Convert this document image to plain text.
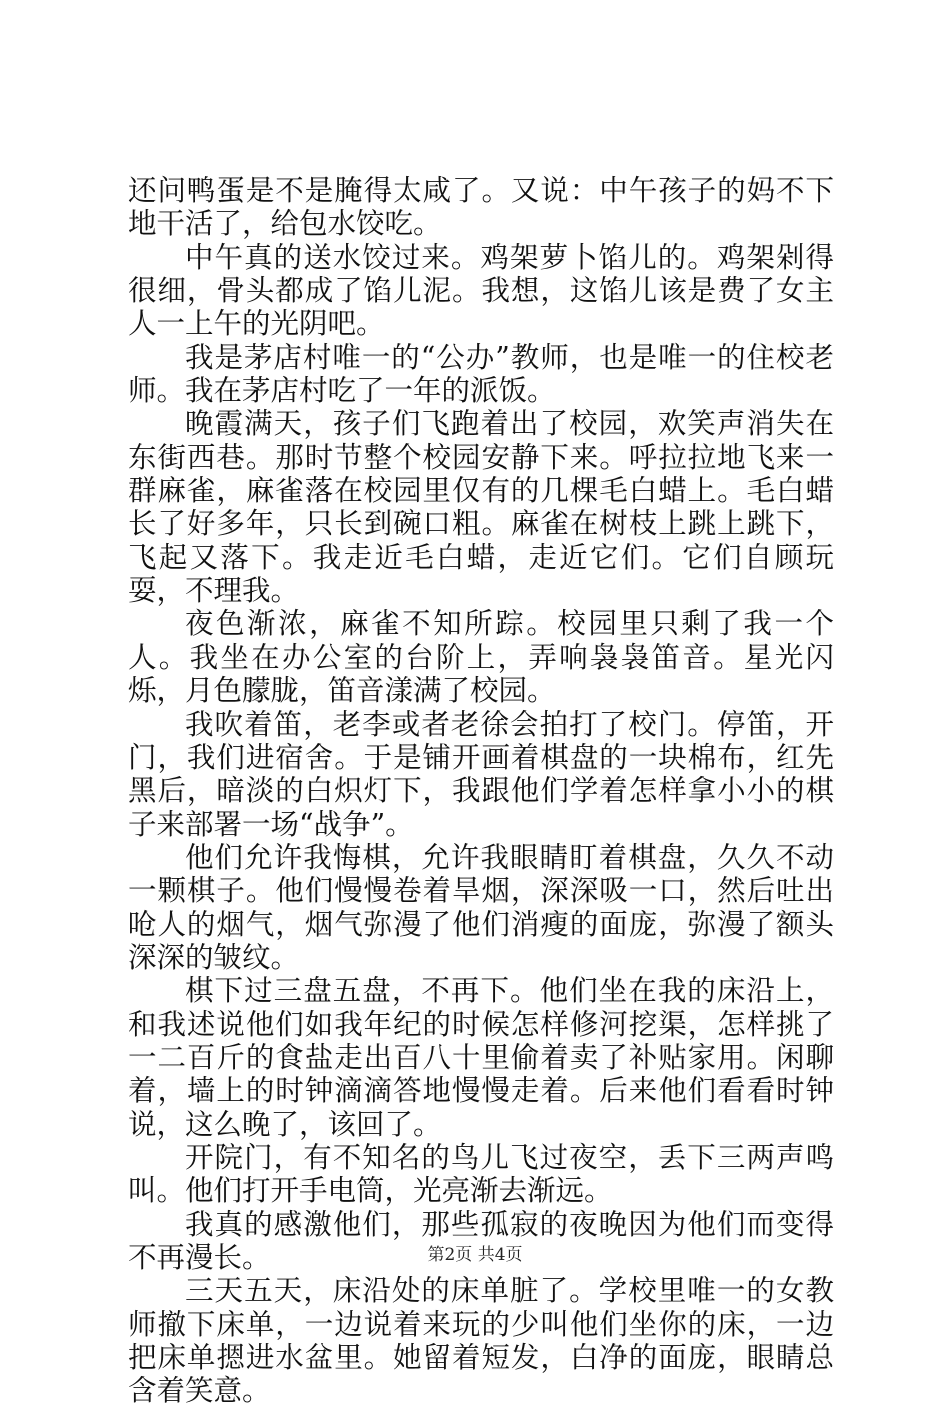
还问鸭蛋是不是腌得太咸了。又说：中午孩子的妈不下地干活了，给包水饺吃。

中午真的送水饺过来。鸡架萝卜馅儿的。鸡架剁得很细，骨头都成了馅儿泥。我想，这馅儿该是费了女主人一上午的光阴吧。

我是茅店村唯一的“公办”教师，也是唯一的住校老师。我在茅店村吃了一年的派饭。

晚霞满天，孩子们飞跑着出了校园，欢笑声消失在东街西巷。那时节整个校园安静下来。呼拉拉地飞来一群麻雀，麻雀落在校园里仅有的几棵毛白蜡上。毛白蜡长了好多年，只长到碗口粗。麻雀在树枝上跳上跳下，飞起又落下。我走近毛白蜡，走近它们。它们自顾玩耍，不理我。

夜色渐浓，麻雀不知所踪。校园里只剩了我一个人。我坐在办公室的台阶上，弄响袅袅笛音。星光闪烁，月色朦胧，笛音漾满了校园。

我吹着笛，老李或者老徐会拍打了校门。停笛，开门，我们进宿舍。于是铺开画着棋盘的一块棉布，红先黑后，暗淡的白炽灯下，我跟他们学着怎样拿小小的棋子来部署一场“战争”。

他们允许我悔棋，允许我眼睛盯着棋盘，久久不动一颗棋子。他们慢慢卷着旱烟，深深吸一口，然后吐出呛人的烟气，烟气弥漫了他们消瘦的面庞，弥漫了额头深深的皱纹。

棋下过三盘五盘，不再下。他们坐在我的床沿上，和我述说他们如我年纪的时候怎样修河挖渠，怎样挑了一二百斤的食盐走出百八十里偷着卖了补贴家用。闲聊着，墙上的时钟滴滴答地慢慢走着。后来他们看看时钟说，这么晚了，该回了。

开院门，有不知名的鸟儿飞过夜空，丢下三两声鸣叫。他们打开手电筒，光亮渐去渐远。

我真的感激他们，那些孤寂的夜晚因为他们而变得不再漫长。

三天五天，床沿处的床单脏了。学校里唯一的女教师撤下床单，一边说着来玩的少叫他们坐你的床，一边把床单摁进水盆里。她留着短发，白净的面庞，眼睛总含着笑意。

第2页 共4页
